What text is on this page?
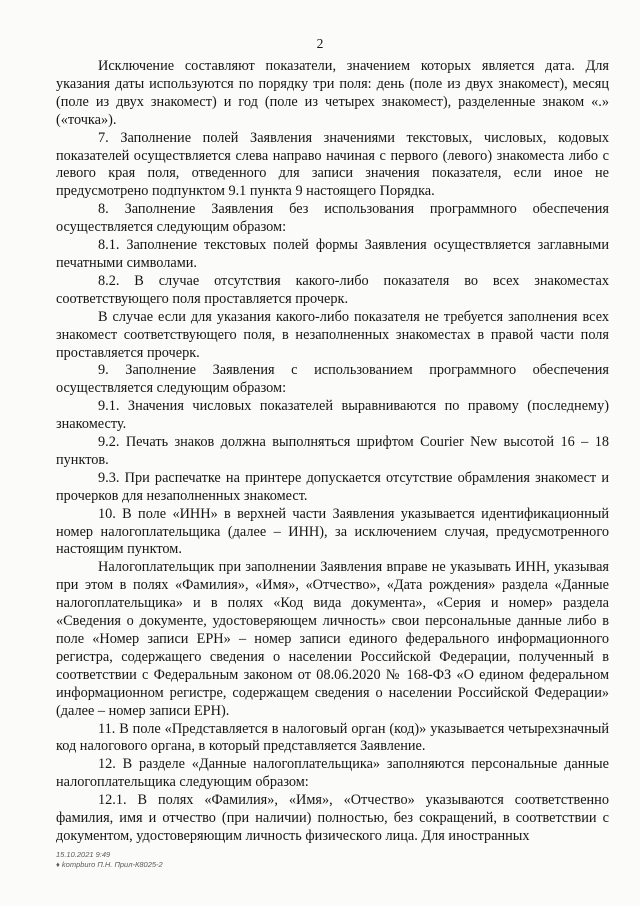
2

Исключение составляют показатели, значением которых является дата. Для указания даты используются по порядку три поля: день (поле из двух знакомест), месяц (поле из двух знакомест) и год (поле из четырех знакомест), разделенные знаком «.» («точка»).

7. Заполнение полей Заявления значениями текстовых, числовых, кодовых показателей осуществляется слева направо начиная с первого (левого) знакоместа либо с левого края поля, отведенного для записи значения показателя, если иное не предусмотрено подпунктом 9.1 пункта 9 настоящего Порядка.

8. Заполнение Заявления без использования программного обеспечения осуществляется следующим образом:

8.1. Заполнение текстовых полей формы Заявления осуществляется заглавными печатными символами.

8.2. В случае отсутствия какого-либо показателя во всех знакоместах соответствующего поля проставляется прочерк.

В случае если для указания какого-либо показателя не требуется заполнения всех знакомест соответствующего поля, в незаполненных знакоместах в правой части поля проставляется прочерк.

9. Заполнение Заявления с использованием программного обеспечения осуществляется следующим образом:

9.1. Значения числовых показателей выравниваются по правому (последнему) знакоместу.

9.2. Печать знаков должна выполняться шрифтом Courier New высотой 16 – 18 пунктов.

9.3. При распечатке на принтере допускается отсутствие обрамления знакомест и прочерков для незаполненных знакомест.

10. В поле «ИНН» в верхней части Заявления указывается идентификационный номер налогоплательщика (далее – ИНН), за исключением случая, предусмотренного настоящим пунктом.

Налогоплательщик при заполнении Заявления вправе не указывать ИНН, указывая при этом в полях «Фамилия», «Имя», «Отчество», «Дата рождения» раздела «Данные налогоплательщика» и в полях «Код вида документа», «Серия и номер» раздела «Сведения о документе, удостоверяющем личность» свои персональные данные либо в поле «Номер записи ЕРН» – номер записи единого федерального информационного регистра, содержащего сведения о населении Российской Федерации, полученный в соответствии с Федеральным законом от 08.06.2020 № 168-ФЗ «О едином федеральном информационном регистре, содержащем сведения о населении Российской Федерации» (далее – номер записи ЕРН).

11. В поле «Представляется в налоговый орган (код)» указывается четырехзначный код налогового органа, в который представляется Заявление.

12. В разделе «Данные налогоплательщика» заполняются персональные данные налогоплательщика следующим образом:

12.1. В полях «Фамилия», «Имя», «Отчество» указываются соответственно фамилия, имя и отчество (при наличии) полностью, без сокращений, в соответствии с документом, удостоверяющим личность физического лица. Для иностранных

15.10.2021 9:49
♦ kompburo П.Н. Прил-К8025-2
